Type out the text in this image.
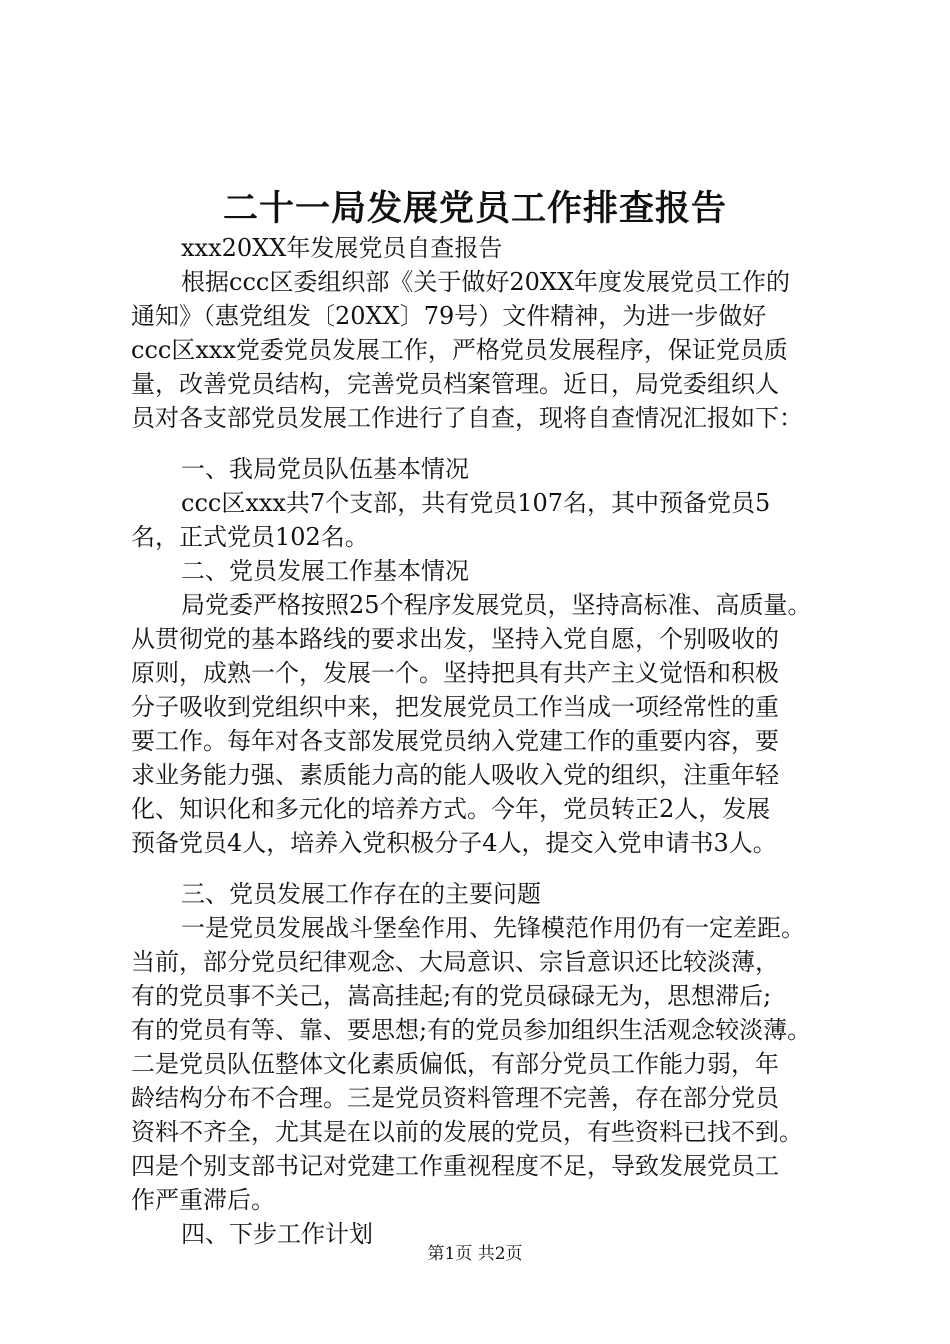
二十一局发展党员工作排查报告
xxx20XX年发展党员自查报告
根据ccc区委组织部《关于做好20XX年度发展党员工作的
通知》（惠党组发〔20XX〕79号）文件精神，为进一步做好
ccc区xxx党委党员发展工作，严格党员发展程序，保证党员质
量，改善党员结构，完善党员档案管理。近日，局党委组织人
员对各支部党员发展工作进行了自查，现将自查情况汇报如下：
一、我局党员队伍基本情况
ccc区xxx共7个支部，共有党员107名，其中预备党员5
名，正式党员102名。
二、党员发展工作基本情况
局党委严格按照25个程序发展党员，坚持高标准、高质量。
从贯彻党的基本路线的要求出发，坚持入党自愿，个别吸收的
原则，成熟一个，发展一个。坚持把具有共产主义觉悟和积极
分子吸收到党组织中来，把发展党员工作当成一项经常性的重
要工作。每年对各支部发展党员纳入党建工作的重要内容，要
求业务能力强、素质能力高的能人吸收入党的组织，注重年轻
化、知识化和多元化的培养方式。今年，党员转正2人，发展
预备党员4人，培养入党积极分子4人，提交入党申请书3人。
三、党员发展工作存在的主要问题
一是党员发展战斗堡垒作用、先锋模范作用仍有一定差距。
当前，部分党员纪律观念、大局意识、宗旨意识还比较淡薄，
有的党员事不关己，嵩高挂起;有的党员碌碌无为，思想滞后;
有的党员有等、靠、要思想;有的党员参加组织生活观念较淡薄。
二是党员队伍整体文化素质偏低，有部分党员工作能力弱，年
龄结构分布不合理。三是党员资料管理不完善，存在部分党员
资料不齐全，尤其是在以前的发展的党员，有些资料已找不到。
四是个别支部书记对党建工作重视程度不足，导致发展党员工
作严重滞后。
四、下步工作计划
第1页 共2页
